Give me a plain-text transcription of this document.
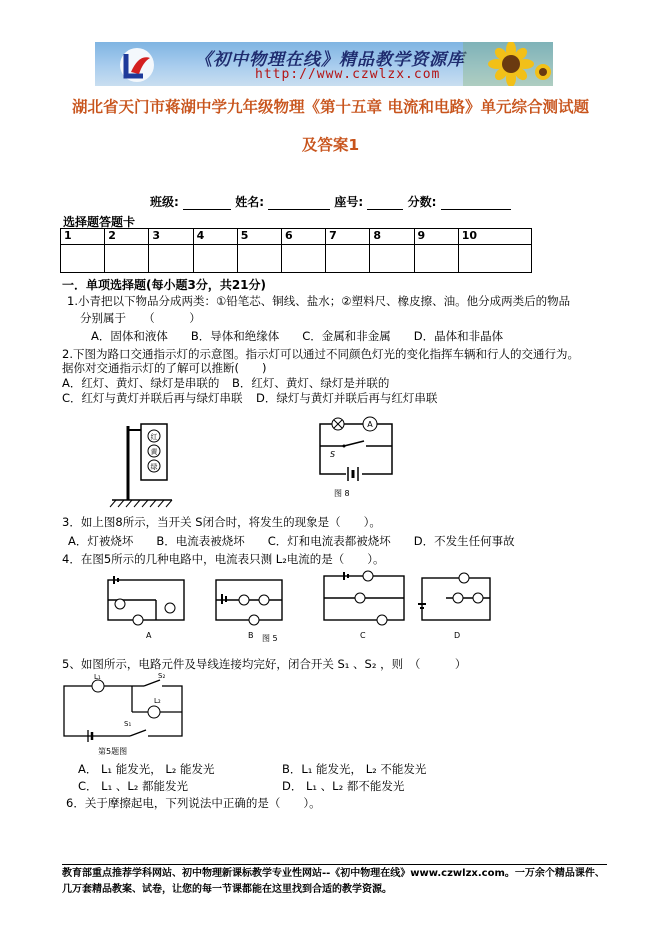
《初中物理在线》精品教学资源库
http://www.czwlzx.com
湖北省天门市蒋湖中学九年级物理《第十五章 电流和电路》单元综合测试题
及答案1
班级:	姓名:	座号:	分数:
选择题答题卡
1	2	3	4	5	6	7	8	9	10

一．单项选择题(每小题3分，共21分)
1.小青把以下物品分成两类：①铅笔芯、铜线、盐水；②塑料尺、橡皮擦、油。他分成两类后的物品
分别属于　　（　　　）
A．固体和液体　　B．导体和绝缘体　　C．金属和非金属　　D．晶体和非晶体
2.下图为路口交通指示灯的示意图。指示灯可以通过不同颜色灯光的变化指挥车辆和行人的交通行为。
据你对交通指示灯的了解可以推断(　　)
A．红灯、黄灯、绿灯是串联的 B．红灯、黄灯、绿灯是并联的
C．红灯与黄灯并联后再与绿灯串联 D．绿灯与黄灯并联后再与红灯串联
红
黄
绿
A
S
图 8
3．如上图8所示，当开关 S闭合时，将发生的现象是（　　）。
A．灯被烧坏　　B．电流表被烧坏　　C．灯和电流表都被烧坏　　D．不发生任何事故
4．在图5所示的几种电路中，电流表只测 L₂电流的是（　　）。
A	B	C	D
图 5
5、如图所示，电路元件及导线连接均完好，闭合开关 S₁ 、S₂ ，则　（　　　）
L₁
L₂
S₂
S₁
第5题图
A． L₁ 能发光， L₂ 能发光	B．L₁ 能发光， L₂ 不能发光
C． L₁ 、L₂ 都能发光	D． L₁ 、L₂ 都不能发光
6．关于摩擦起电，下列说法中正确的是（　　）。
教育部重点推荐学科网站、初中物理新课标教学专业性网站--《初中物理在线》www.czwlzx.com。一万余个精品课件、
几万套精品教案、试卷，让您的每一节课都能在这里找到合适的教学资源。
